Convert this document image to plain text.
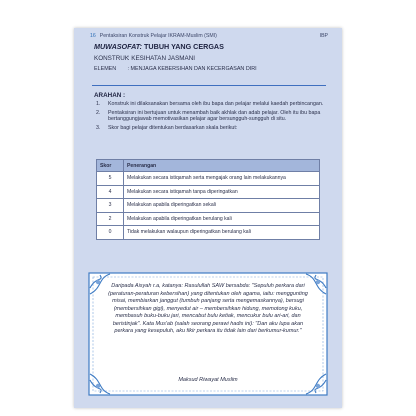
16 Pentaksiran Konstruk Pelajar IKRAM-Muslim (SMI)	IBP
MUWASOFAT: TUBUH YANG CERGAS
KONSTRUK : KESIHATAN JASMANI
ELEMEN : MENJAGA KEBERSIHAN DAN KECERGASAN DIRI
ARAHAN :
1.	Konstruk ini dilaksanakan bersama oleh ibu bapa dan pelajar melalui kaedah perbincangan.
2.	Pentaksiran ini bertujuan untuk menambah baik akhlak dan adab pelajar. Oleh itu ibu bapa bertanggungjawab memotivasikan pelajar agar bersungguh-sungguh di situ.
3.	Skor bagi pelajar ditentukan berdasarkan skala berikut:
Skor	Penerangan
5	Melakukan secara istiqamah serta mengajak orang lain melakukannya
4	Melakukan secara istiqamah tanpa diperingatkan
3	Melakukan apabila diperingatkan sekali
2	Melakukan apabila diperingatkan berulang kali
0	Tidak melakukan walaupun diperingatkan berulang kali
Daripada Aisyah r.a, katanya: Rasulullah SAW bersabda: "Sepuluh perkara dari (peraturan-peraturan kebersihan) yang ditentukan oleh agama, iaitu: menggunting misai, membiarkan janggut (tumbuh panjang serta mengemaskannya), bersugi (membersihkan gigi), menyedut air – membersihkan hidung, memotong kuku, membasuh buku-buku jari, mencabut bulu ketiak, mencukur bulu ari-ari, dan beristinjak". Kata Mus'ab (salah seorang perawi hadis ini): "Dan aku lupa akan perkara yang kesepuluh, aku fikir perkara itu tidak lain dari berkumur-kumur."
Maksud Riwayat Muslim
